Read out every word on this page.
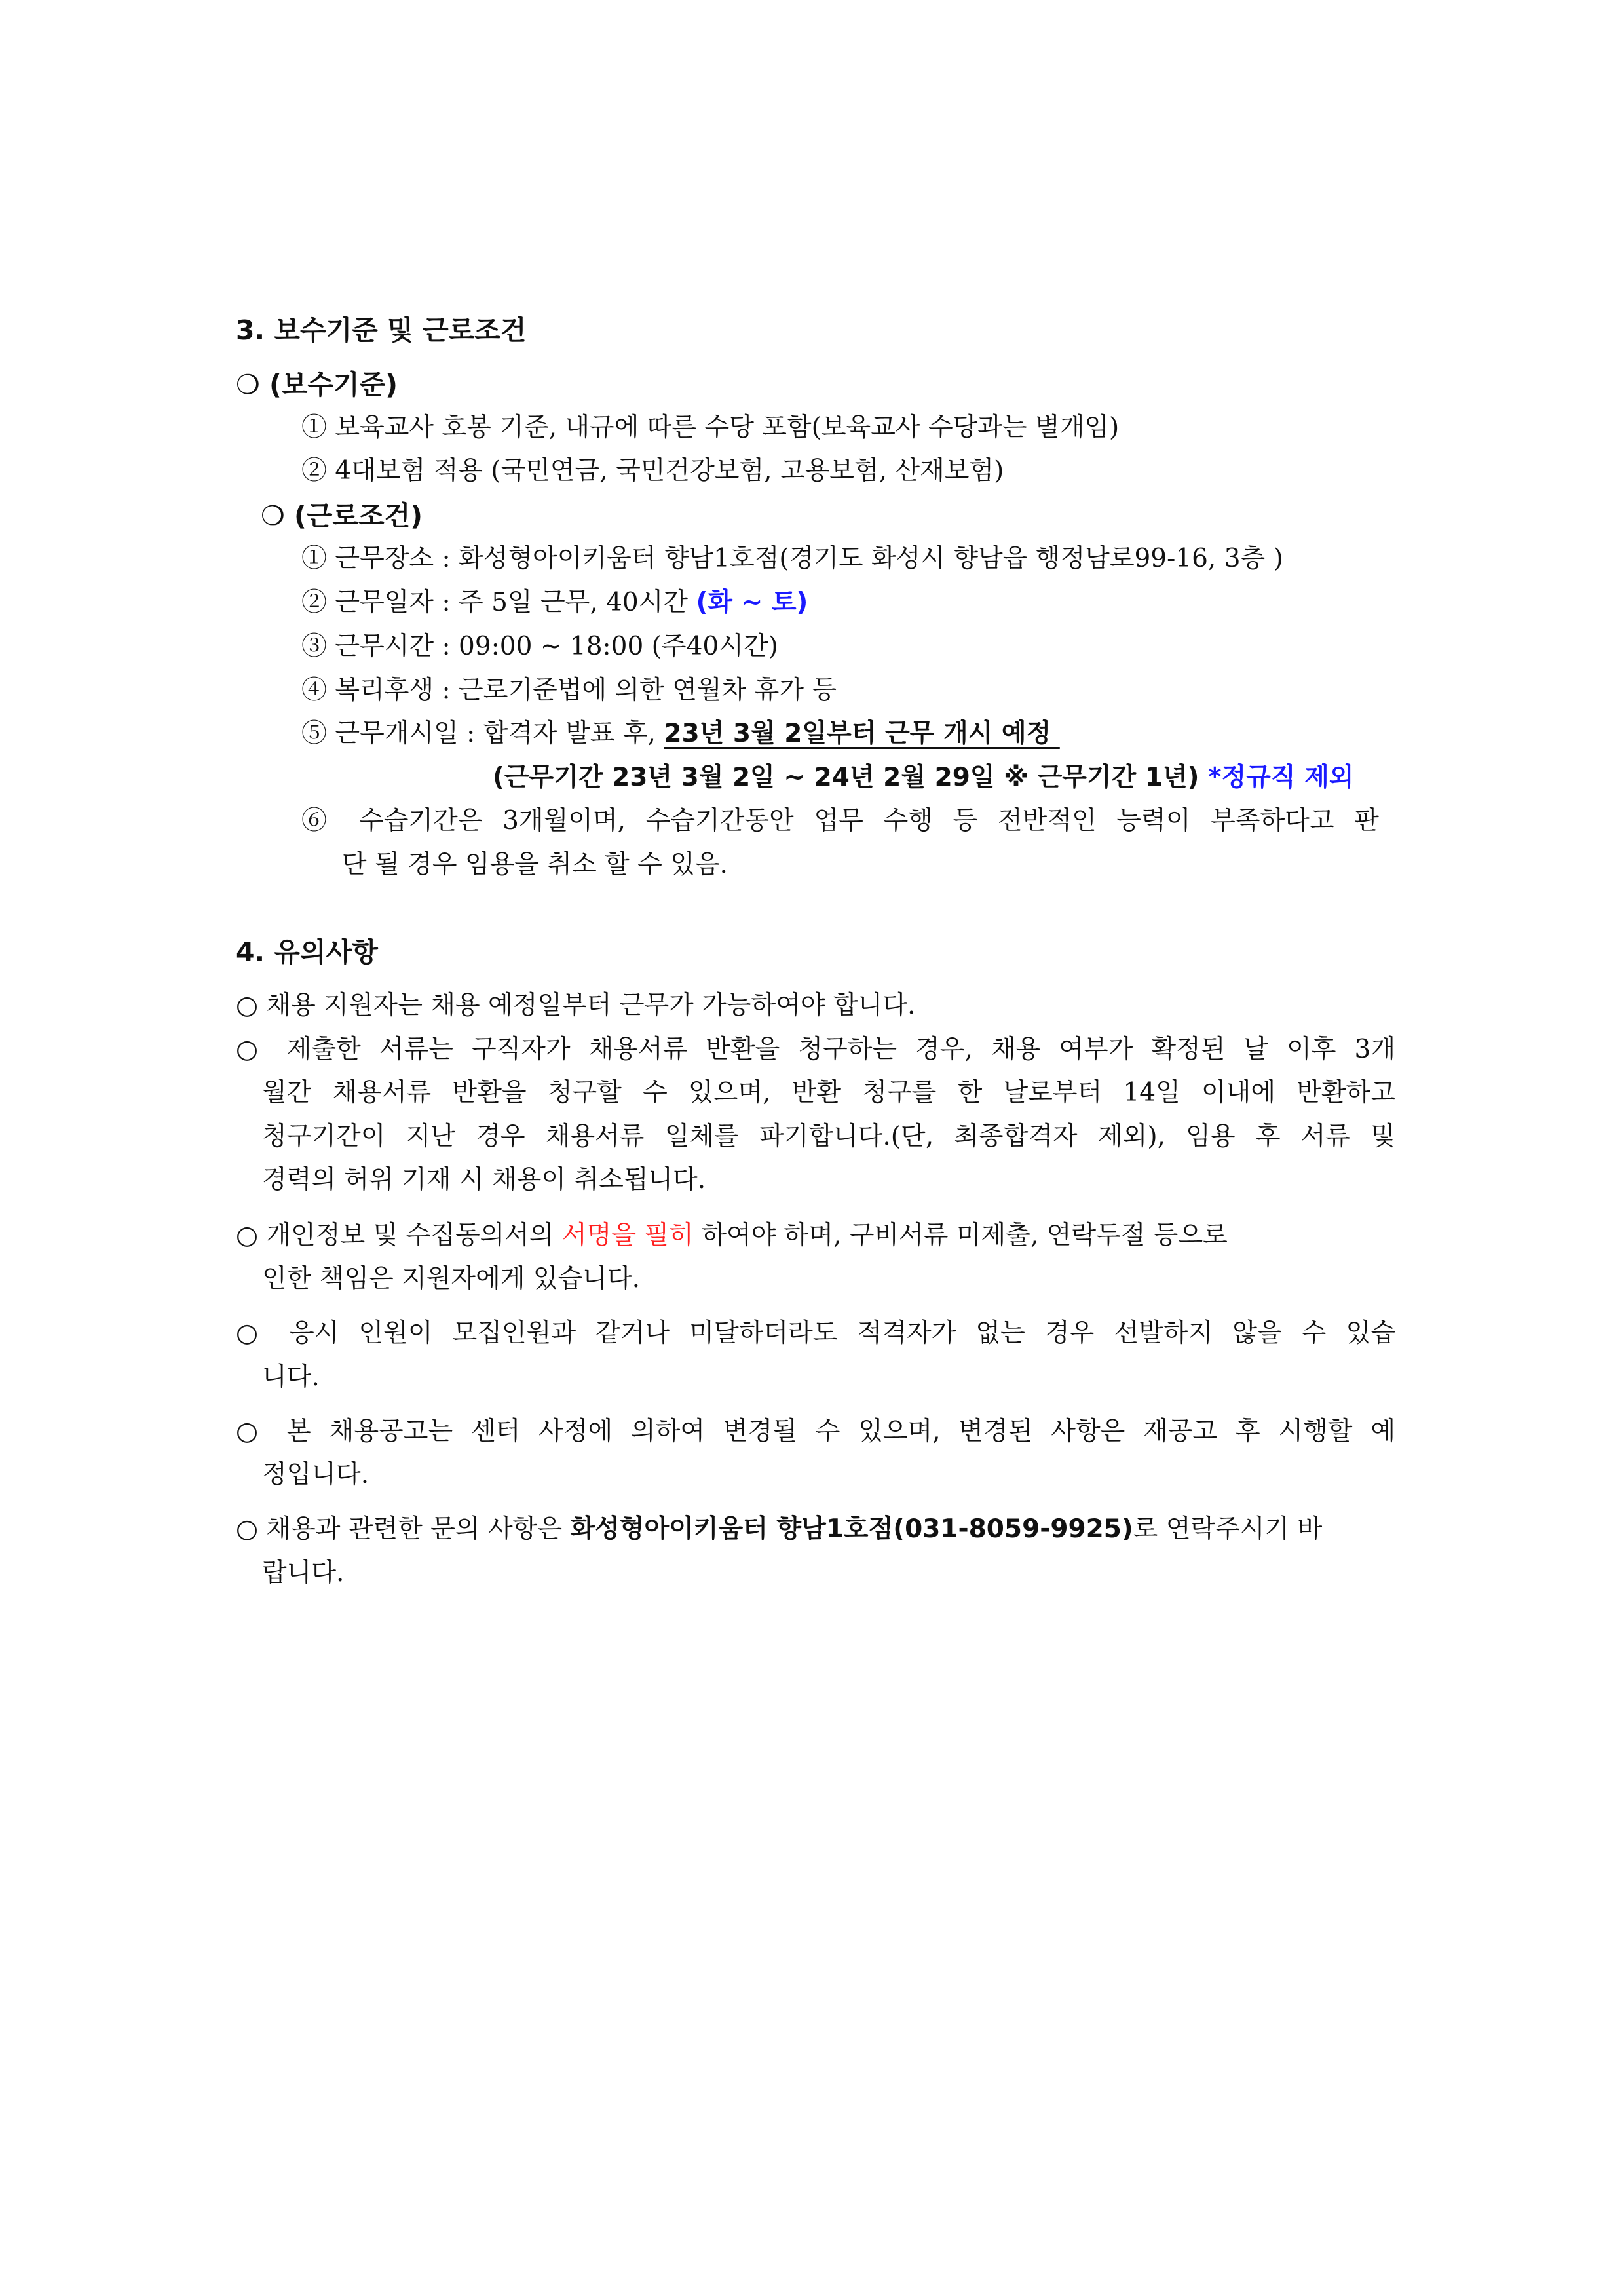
3. 보수기준 및 근로조건
❍ (보수기준)
① 보육교사 호봉 기준, 내규에 따른 수당 포함(보육교사 수당과는 별개임)
② 4대보험 적용 (국민연금, 국민건강보험, 고용보험, 산재보험)
❍ (근로조건)
① 근무장소 : 화성형아이키움터 향남1호점(경기도 화성시 향남읍 행정남로99-16, 3층 )
② 근무일자 : 주 5일 근무, 40시간 (화 ~ 토)
③ 근무시간 : 09:00 ~ 18:00 (주40시간)
④ 복리후생 : 근로기준법에 의한 연월차 휴가 등
⑤ 근무개시일 : 합격자 발표 후, 23년 3월 2일부터 근무 개시 예정
(근무기간 23년 3월 2일 ~ 24년 2월 29일 ※ 근무기간 1년) *정규직 제외
⑥ 수습기간은 3개월이며, 수습기간동안 업무 수행 등 전반적인 능력이 부족하다고 판
단 될 경우 임용을 취소 할 수 있음.
4. 유의사항
○ 채용 지원자는 채용 예정일부터 근무가 가능하여야 합니다.
○ 제출한 서류는 구직자가 채용서류 반환을 청구하는 경우, 채용 여부가 확정된 날 이후 3개
월간 채용서류 반환을 청구할 수 있으며, 반환 청구를 한 날로부터 14일 이내에 반환하고
청구기간이 지난 경우 채용서류 일체를 파기합니다.(단, 최종합격자 제외), 임용 후 서류 및
경력의 허위 기재 시 채용이 취소됩니다.
○ 개인정보 및 수집동의서의 서명을 필히 하여야 하며, 구비서류 미제출, 연락두절 등으로
인한 책임은 지원자에게 있습니다.
○ 응시 인원이 모집인원과 같거나 미달하더라도 적격자가 없는 경우 선발하지 않을 수 있습
니다.
○ 본 채용공고는 센터 사정에 의하여 변경될 수 있으며, 변경된 사항은 재공고 후 시행할 예
정입니다.
○ 채용과 관련한 문의 사항은 화성형아이키움터 향남1호점(031-8059-9925)로 연락주시기 바
랍니다.
